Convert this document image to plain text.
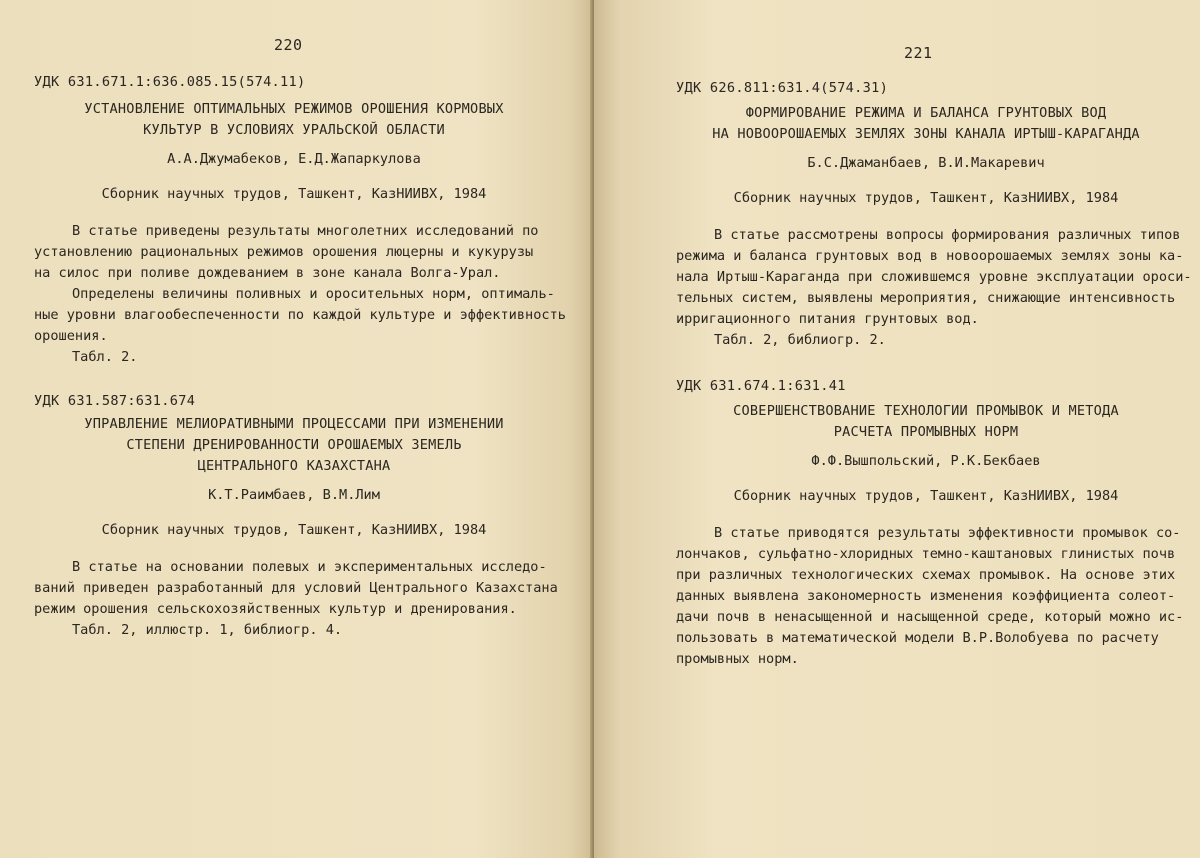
220
УДК 631.671.1:636.085.15(574.11)
УСТАНОВЛЕНИЕ ОПТИМАЛЬНЫХ РЕЖИМОВ ОРОШЕНИЯ КОРМОВЫХ
КУЛЬТУР В УСЛОВИЯХ УРАЛЬСКОЙ ОБЛАСТИ
А.А.Джумабеков, Е.Д.Жапаркулова
Сборник научных трудов, Ташкент, КазНИИВХ, 1984
В статье приведены результаты многолетних исследований по
установлению рациональных режимов орошения люцерны и кукурузы
на силос при поливе дождеванием в зоне канала Волга-Урал.
Определены величины поливных и оросительных норм, оптималь-
ные уровни влагообеспеченности по каждой культуре и эффективность
орошения.
Табл. 2.
УДК 631.587:631.674
УПРАВЛЕНИЕ МЕЛИОРАТИВНЫМИ ПРОЦЕССАМИ ПРИ ИЗМЕНЕНИИ
СТЕПЕНИ ДРЕНИРОВАННОСТИ ОРОШАЕМЫХ ЗЕМЕЛЬ
ЦЕНТРАЛЬНОГО КАЗАХСТАНА
К.Т.Раимбаев, В.М.Лим
Сборник научных трудов, Ташкент, КазНИИВХ, 1984
В статье на основании полевых и экспериментальных исследо-
ваний приведен разработанный для условий Центрального Казахстана
режим орошения сельскохозяйственных культур и дренирования.
Табл. 2, иллюстр. 1, библиогр. 4.
221
УДК 626.811:631.4(574.31)
ФОРМИРОВАНИЕ РЕЖИМА И БАЛАНСА ГРУНТОВЫХ ВОД
НА НОВООРОШАЕМЫХ ЗЕМЛЯХ ЗОНЫ КАНАЛА ИРТЫШ-КАРАГАНДА
Б.С.Джаманбаев, В.И.Макаревич
Сборник научных трудов, Ташкент, КазНИИВХ, 1984
В статье рассмотрены вопросы формирования различных типов
режима и баланса грунтовых вод в новоорошаемых землях зоны ка-
нала Иртыш-Караганда при сложившемся уровне эксплуатации ороси-
тельных систем, выявлены мероприятия, снижающие интенсивность
ирригационного питания грунтовых вод.
Табл. 2, библиогр. 2.
УДК 631.674.1:631.41
СОВЕРШЕНСТВОВАНИЕ ТЕХНОЛОГИИ ПРОМЫВОК И МЕТОДА
РАСЧЕТА ПРОМЫВНЫХ НОРМ
Ф.Ф.Вышпольский, Р.К.Бекбаев
Сборник научных трудов, Ташкент, КазНИИВХ, 1984
В статье приводятся результаты эффективности промывок со-
лончаков, сульфатно-хлоридных темно-каштановых глинистых почв
при различных технологических схемах промывок. На основе этих
данных выявлена закономерность изменения коэффициента солеот-
дачи почв в ненасыщенной и насыщенной среде, который можно ис-
пользовать в математической модели В.Р.Волобуева по расчету
промывных норм.
